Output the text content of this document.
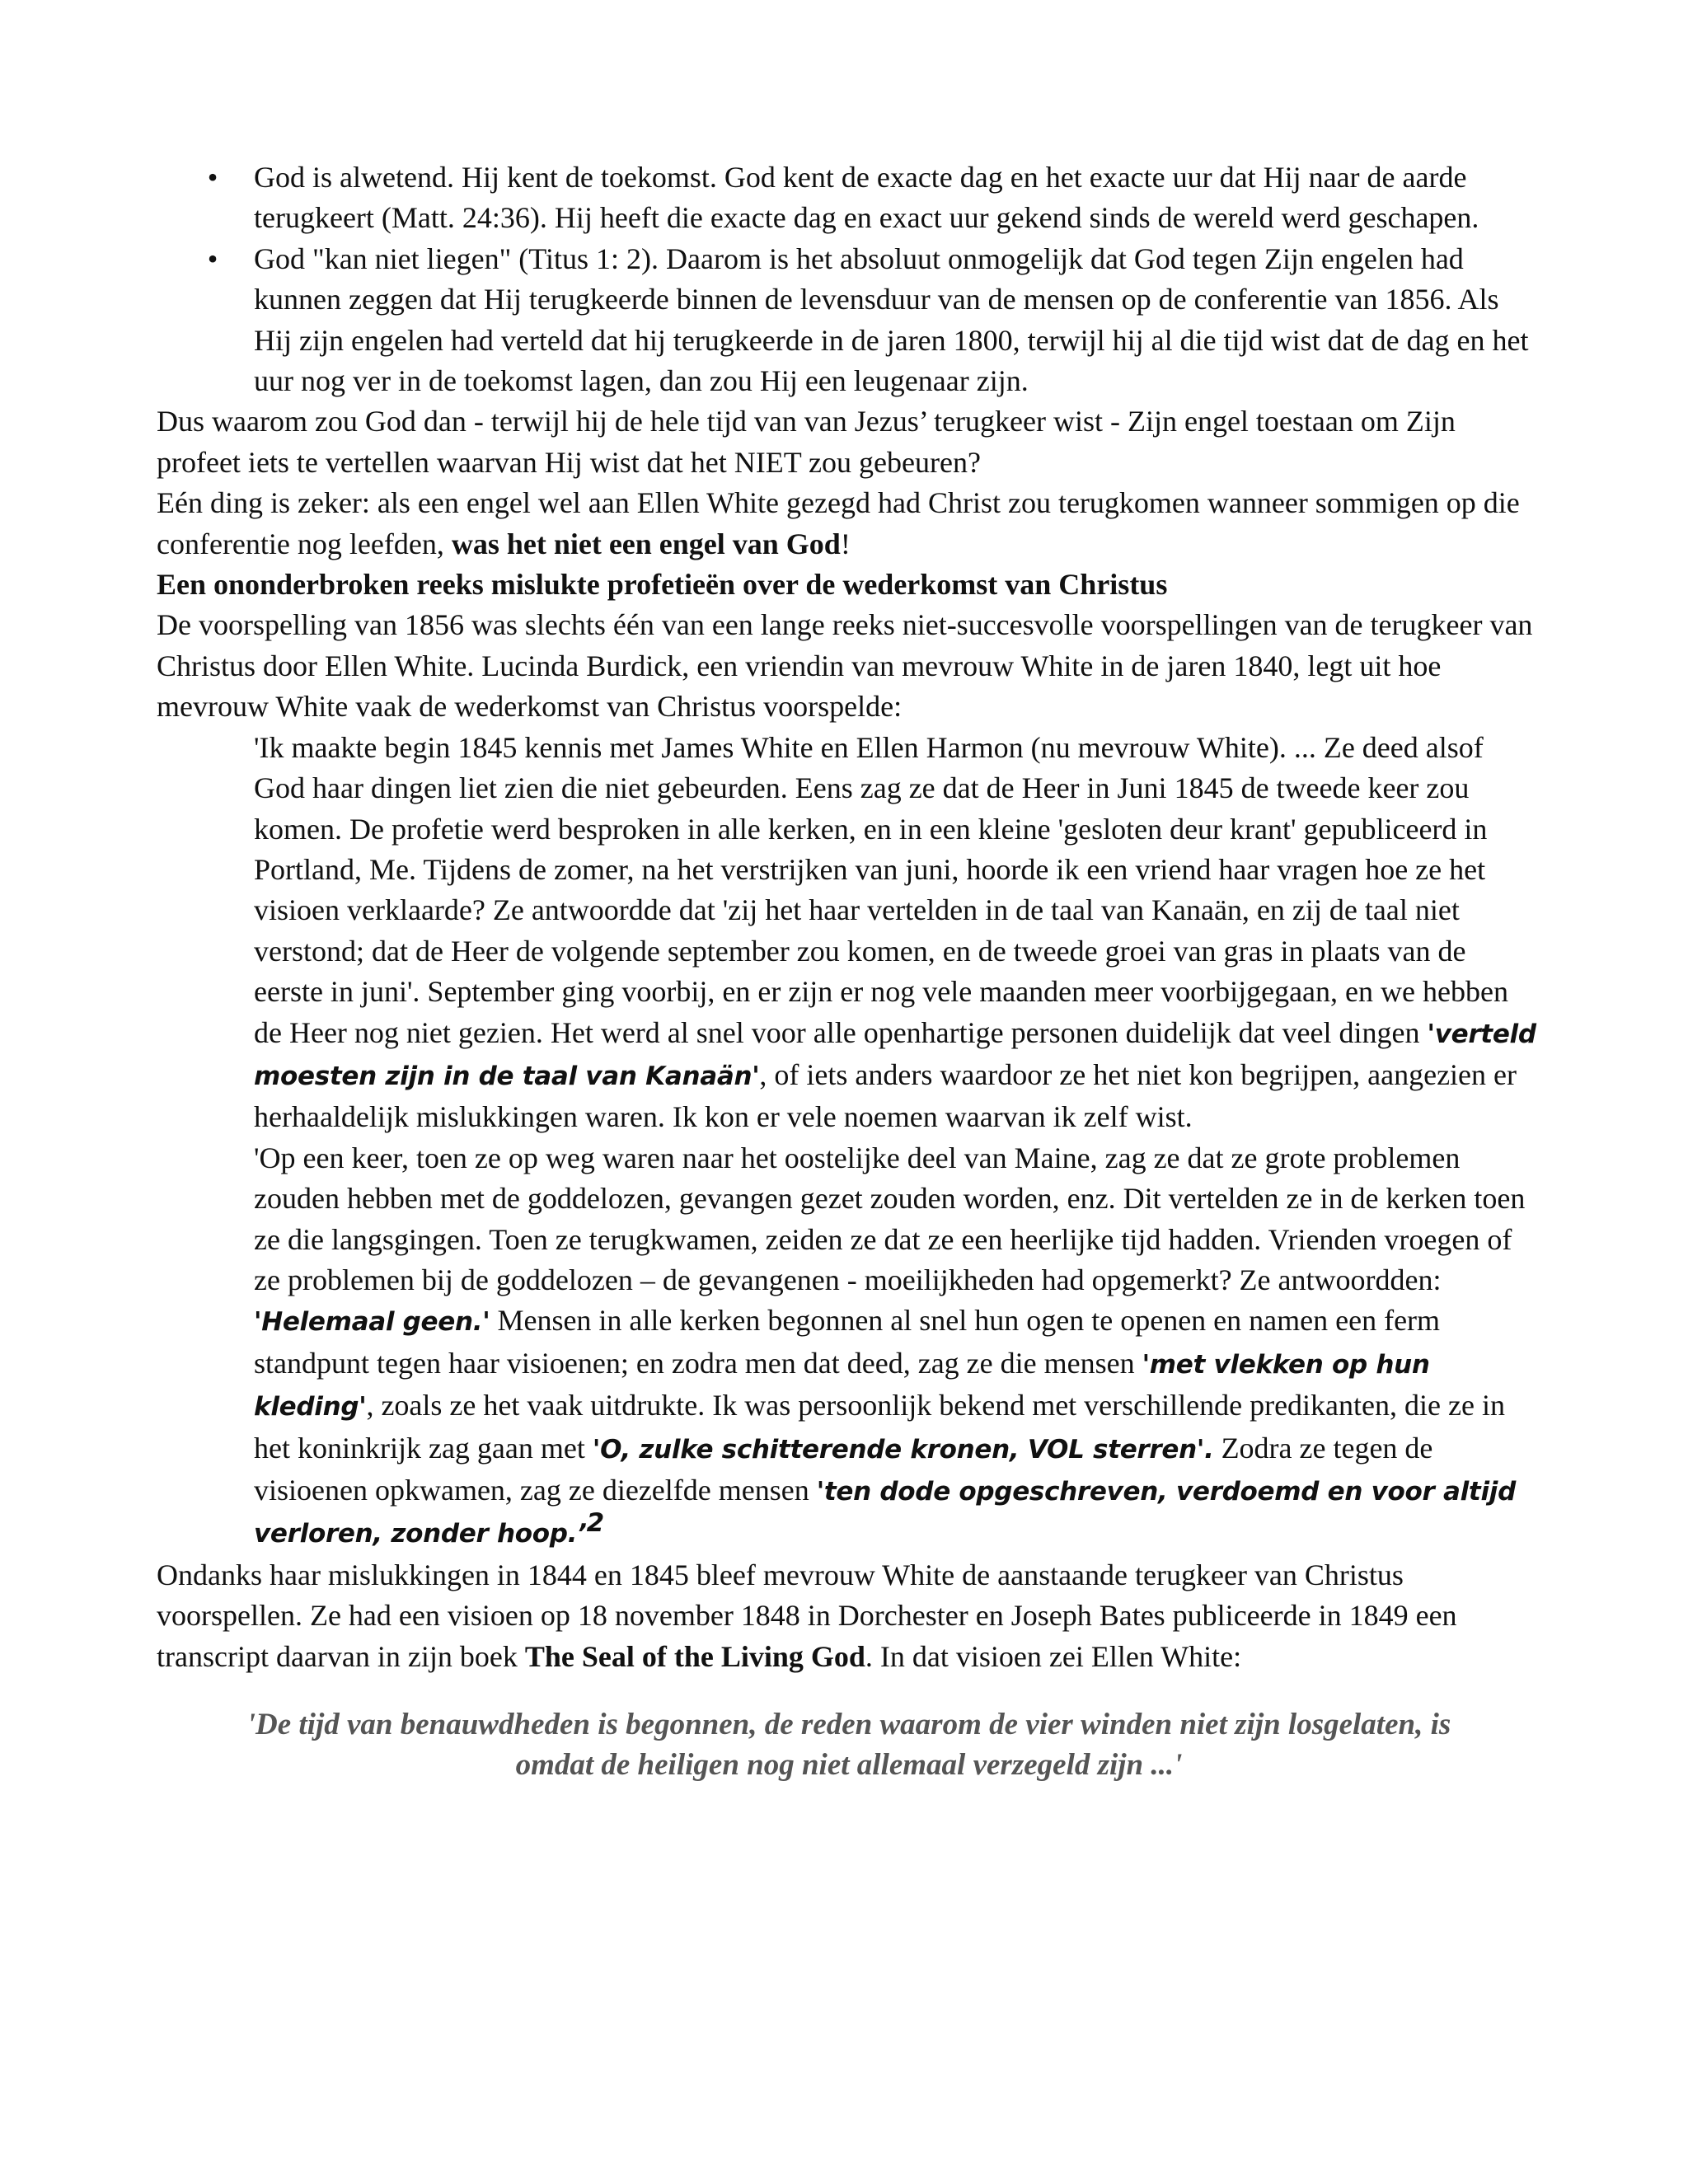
• God is alwetend. Hij kent de toekomst. God kent de exacte dag en het exacte uur dat Hij naar de aarde terugkeert (Matt. 24:36). Hij heeft die exacte dag en exact uur gekend sinds de wereld werd geschapen.
• God "kan niet liegen" (Titus 1: 2). Daarom is het absoluut onmogelijk dat God tegen Zijn engelen had kunnen zeggen dat Hij terugkeerde binnen de levensduur van de mensen op de conferentie van 1856. Als Hij zijn engelen had verteld dat hij terugkeerde in de jaren 1800, terwijl hij al die tijd wist dat de dag en het uur nog ver in de toekomst lagen, dan zou Hij een leugenaar zijn.

Dus waarom zou God dan - terwijl hij de hele tijd van van Jezus’ terugkeer wist - Zijn engel toestaan om Zijn profeet iets te vertellen waarvan Hij wist dat het NIET zou gebeuren?

Eén ding is zeker: als een engel wel aan Ellen White gezegd had Christ zou terugkomen wanneer sommigen op die conferentie nog leefden, was het niet een engel van God!

Een ononderbroken reeks mislukte profetieën over de wederkomst van Christus

De voorspelling van 1856 was slechts één van een lange reeks niet-succesvolle voorspellingen van de terugkeer van Christus door Ellen White. Lucinda Burdick, een vriendin van mevrouw White in de jaren 1840, legt uit hoe mevrouw White vaak de wederkomst van Christus voorspelde:

'Ik maakte begin 1845 kennis met James White en Ellen Harmon (nu mevrouw White). ... Ze deed alsof God haar dingen liet zien die niet gebeurden. Eens zag ze dat de Heer in Juni 1845 de tweede keer zou komen. De profetie werd besproken in alle kerken, en in een kleine 'gesloten deur krant' gepubliceerd in Portland, Me. Tijdens de zomer, na het verstrijken van juni, hoorde ik een vriend haar vragen hoe ze het visioen verklaarde? Ze antwoordde dat 'zij het haar vertelden in de taal van Kanaän, en zij de taal niet verstond; dat de Heer de volgende september zou komen, en de tweede groei van gras in plaats van de eerste in juni'. September ging voorbij, en er zijn er nog vele maanden meer voorbijgegaan, en we hebben de Heer nog niet gezien. Het werd al snel voor alle openhartige personen duidelijk dat veel dingen 'verteld moesten zijn in de taal van Kanaän', of iets anders waardoor ze het niet kon begrijpen, aangezien er herhaaldelijk mislukkingen waren. Ik kon er vele noemen waarvan ik zelf wist.

'Op een keer, toen ze op weg waren naar het oostelijke deel van Maine, zag ze dat ze grote problemen zouden hebben met de goddelozen, gevangen gezet zouden worden, enz. Dit vertelden ze in de kerken toen ze die langsgingen. Toen ze terugkwamen, zeiden ze dat ze een heerlijke tijd hadden. Vrienden vroegen of ze problemen bij de goddelozen – de gevangenen - moeilijkheden had opgemerkt? Ze antwoordden: 'Helemaal geen.' Mensen in alle kerken begonnen al snel hun ogen te openen en namen een ferm standpunt tegen haar visioenen; en zodra men dat deed, zag ze die mensen 'met vlekken op hun kleding', zoals ze het vaak uitdrukte. Ik was persoonlijk bekend met verschillende predikanten, die ze in het koninkrijk zag gaan met 'O, zulke schitterende kronen, VOL sterren'. Zodra ze tegen de visioenen opkwamen, zag ze diezelfde mensen 'ten dode opgeschreven, verdoemd en voor altijd verloren, zonder hoop.’$^2$

Ondanks haar mislukkingen in 1844 en 1845 bleef mevrouw White de aanstaande terugkeer van Christus voorspellen. Ze had een visioen op 18 november 1848 in Dorchester en Joseph Bates publiceerde in 1849 een transcript daarvan in zijn boek The Seal of the Living God. In dat visioen zei Ellen White:

'De tijd van benauwdheden is begonnen, de reden waarom de vier winden niet zijn losgelaten, is omdat de heiligen nog niet allemaal verzegeld zijn ...'
